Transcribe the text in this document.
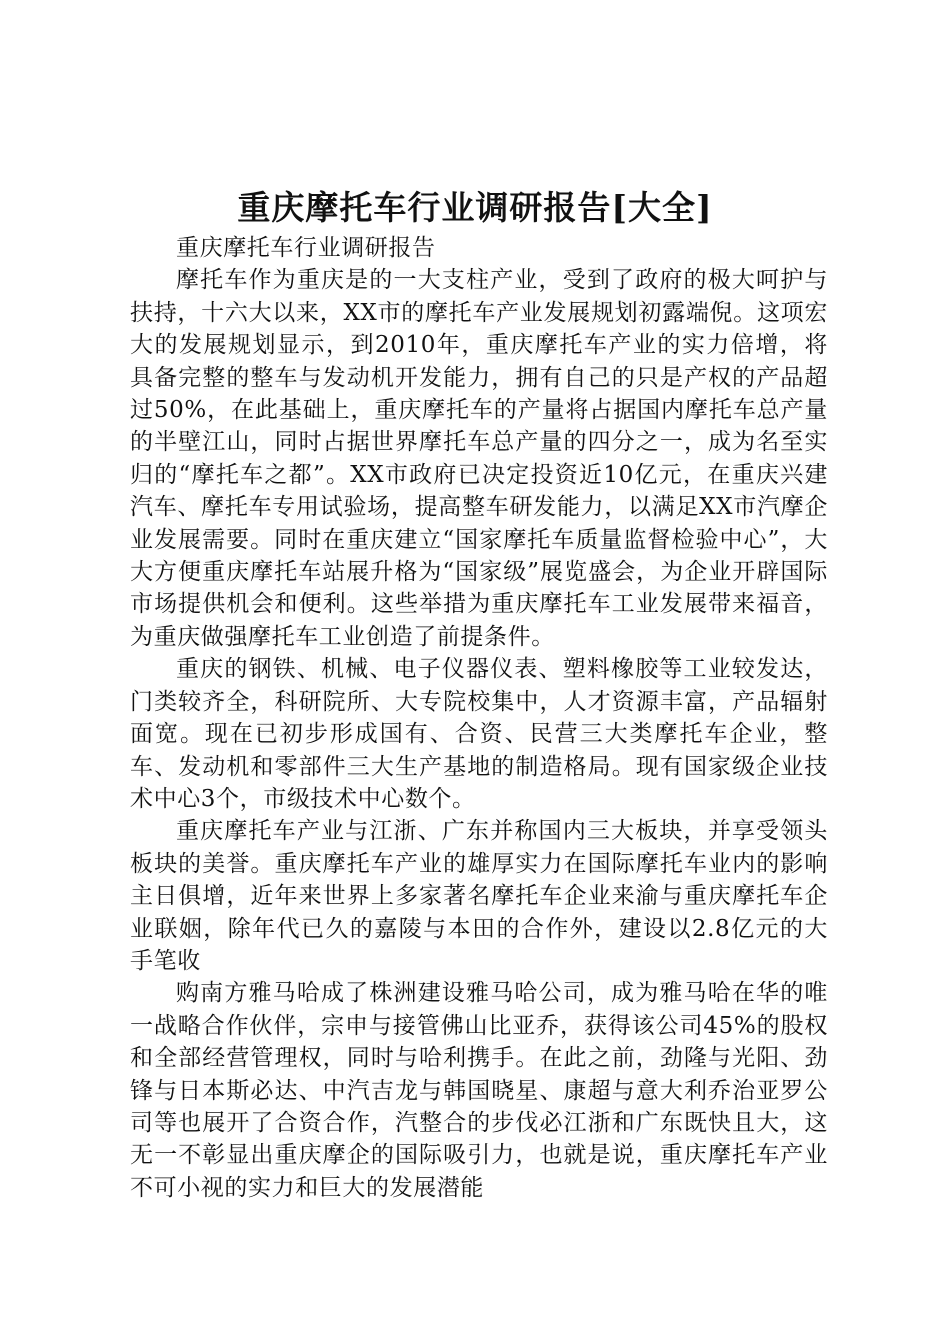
重庆摩托车行业调研报告[大全]

重庆摩托车行业调研报告

摩托车作为重庆是的一大支柱产业，受到了政府的极大呵护与扶持，十六大以来，XX市的摩托车产业发展规划初露端倪。这项宏大的发展规划显示，到2010年，重庆摩托车产业的实力倍增，将具备完整的整车与发动机开发能力，拥有自己的只是产权的产品超过50%，在此基础上，重庆摩托车的产量将占据国内摩托车总产量的半壁江山，同时占据世界摩托车总产量的四分之一，成为名至实归的“摩托车之都”。XX市政府已决定投资近10亿元，在重庆兴建汽车、摩托车专用试验场，提高整车研发能力，以满足XX市汽摩企业发展需要。同时在重庆建立“国家摩托车质量监督检验中心”，大大方便重庆摩托车站展升格为“国家级”展览盛会，为企业开辟国际市场提供机会和便利。这些举措为重庆摩托车工业发展带来福音，为重庆做强摩托车工业创造了前提条件。

重庆的钢铁、机械、电子仪器仪表、塑料橡胶等工业较发达，门类较齐全，科研院所、大专院校集中，人才资源丰富，产品辐射面宽。现在已初步形成国有、合资、民营三大类摩托车企业，整车、发动机和零部件三大生产基地的制造格局。现有国家级企业技术中心3个，市级技术中心数个。

重庆摩托车产业与江浙、广东并称国内三大板块，并享受领头板块的美誉。重庆摩托车产业的雄厚实力在国际摩托车业内的影响主日俱增，近年来世界上多家著名摩托车企业来渝与重庆摩托车企业联姻，除年代已久的嘉陵与本田的合作外，建设以2.8亿元的大手笔收

购南方雅马哈成了株洲建设雅马哈公司，成为雅马哈在华的唯一战略合作伙伴，宗申与接管佛山比亚乔，获得该公司45%的股权和全部经营管理权，同时与哈利携手。在此之前，劲隆与光阳、劲锋与日本斯必达、中汽吉龙与韩国晓星、康超与意大利乔治亚罗公司等也展开了合资合作，汽整合的步伐必江浙和广东既快且大，这无一不彰显出重庆摩企的国际吸引力，也就是说，重庆摩托车产业不可小视的实力和巨大的发展潜能
